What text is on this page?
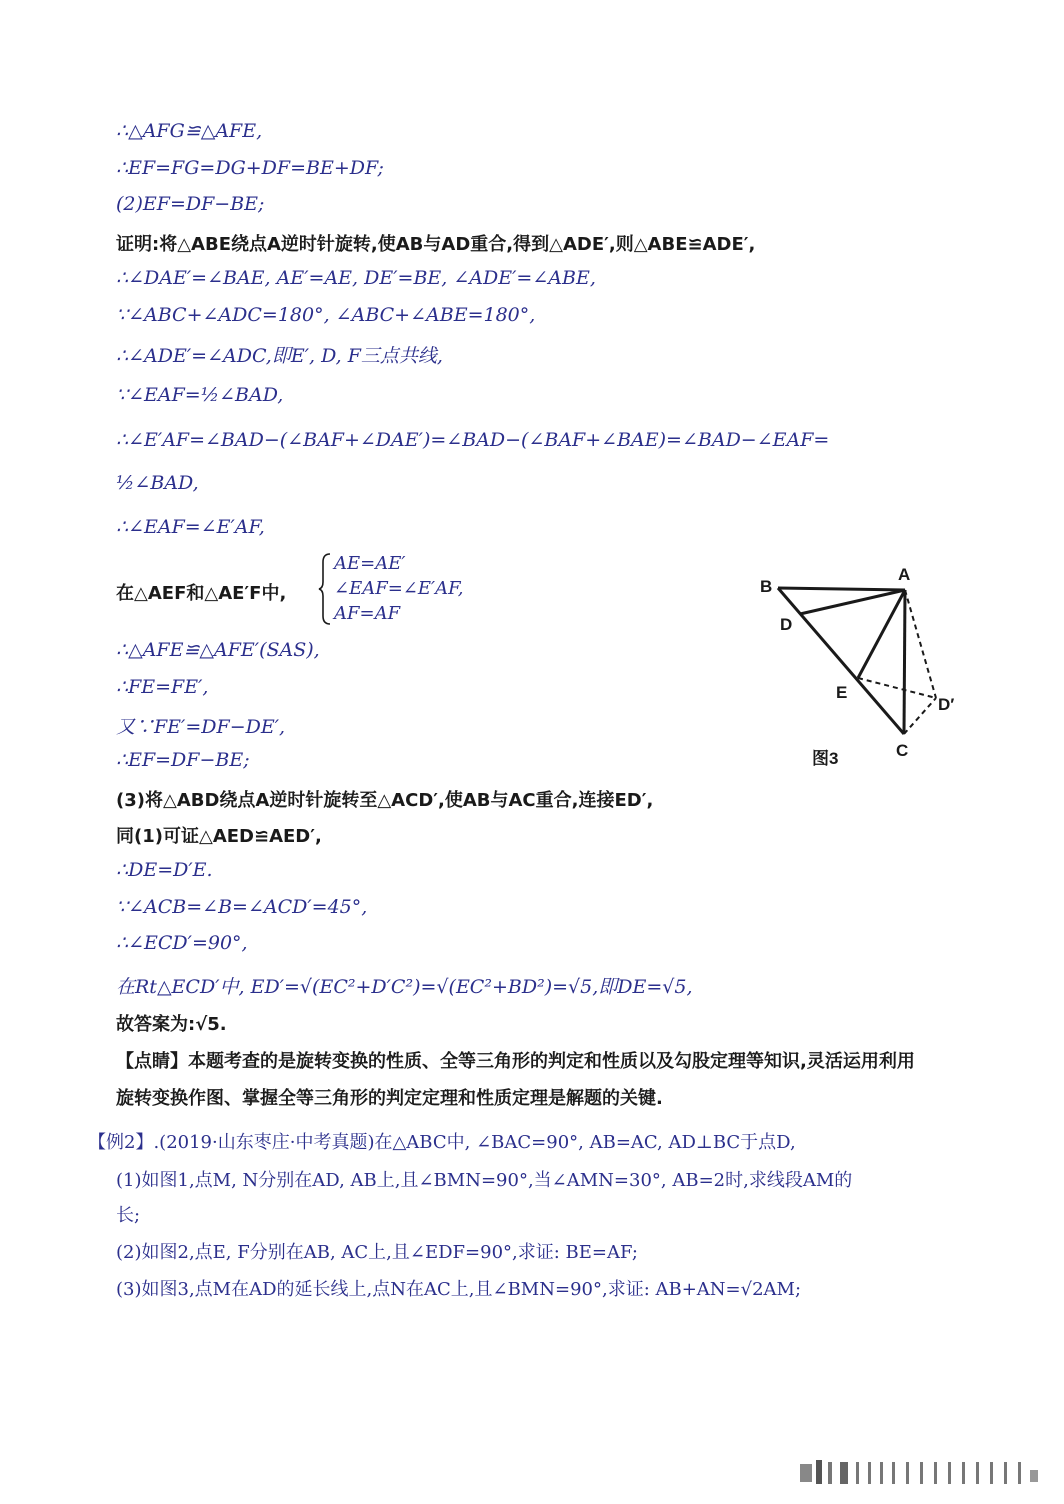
∴△AFG≌△AFE,
∴EF=FG=DG+DF=BE+DF;
(2)EF=DF−BE;
证明:将△ABE绕点A逆时针旋转,使AB与AD重合,得到△ADE′,则△ABE≌ADE′,
∴∠DAE′=∠BAE, AE′=AE, DE′=BE, ∠ADE′=∠ABE,
∵∠ABC+∠ADC=180°, ∠ABC+∠ABE=180°,
∴∠ADE′=∠ADC,即E′, D, F三点共线,
∵∠EAF=½∠BAD,
∴∠E′AF=∠BAD−(∠BAF+∠DAE′)=∠BAD−(∠BAF+∠BAE)=∠BAD−∠EAF=
½∠BAD,
∴∠EAF=∠E′AF,
在△AEF和△AE′F中,
AE=AE′
∠EAF=∠E′AF,
AF=AF
∴△AFE≌△AFE′(SAS),
∴FE=FE′,
又∵FE′=DF−DE′,
∴EF=DF−BE;
(3)将△ABD绕点A逆时针旋转至△ACD′,使AB与AC重合,连接ED′,
同(1)可证△AED≌AED′,
∴DE=D′E.
∵∠ACB=∠B=∠ACD′=45°,
∴∠ECD′=90°,
在Rt△ECD′中, ED′=√(EC²+D′C²)=√(EC²+BD²)=√5,即DE=√5,
故答案为:√5.
【点睛】本题考查的是旋转变换的性质、全等三角形的判定和性质以及勾股定理等知识,灵活运用利用
旋转变换作图、掌握全等三角形的判定定理和性质定理是解题的关键.
【例2】.(2019·山东枣庄·中考真题)在△ABC中, ∠BAC=90°, AB=AC, AD⊥BC于点D,
(1)如图1,点M, N分别在AD, AB上,且∠BMN=90°,当∠AMN=30°, AB=2时,求线段AM的
长;
(2)如图2,点E, F分别在AB, AC上,且∠EDF=90°,求证: BE=AF;
(3)如图3,点M在AD的延长线上,点N在AC上,且∠BMN=90°,求证: AB+AN=√2AM;
B
A
D
E
D′
C
图3
